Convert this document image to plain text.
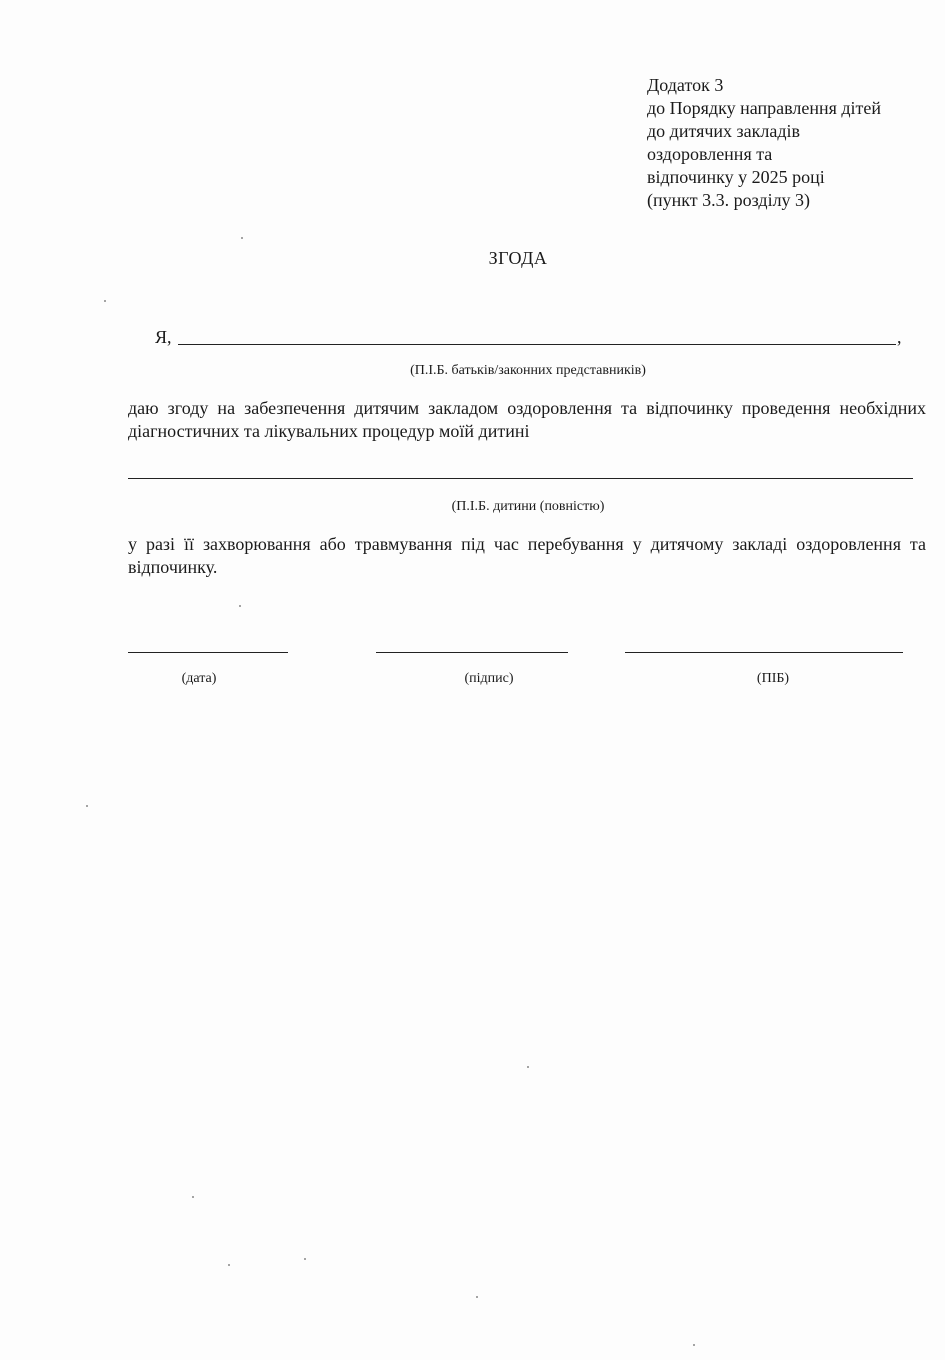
Додаток 3
до Порядку направлення дітей
до дитячих закладів
оздоровлення та
відпочинку у 2025 році
(пункт 3.3. розділу 3)
ЗГОДА
Я,	,
(П.І.Б. батьків/законних представників)
даю згоду на забезпечення дитячим закладом оздоровлення та відпочинку проведення необхідних діагностичних та лікувальних процедур моїй дитині
(П.І.Б. дитини (повністю)
у разі її захворювання або травмування під час перебування у дитячому закладі оздоровлення та відпочинку.
(дата)	(підпис)	(ПІБ)
